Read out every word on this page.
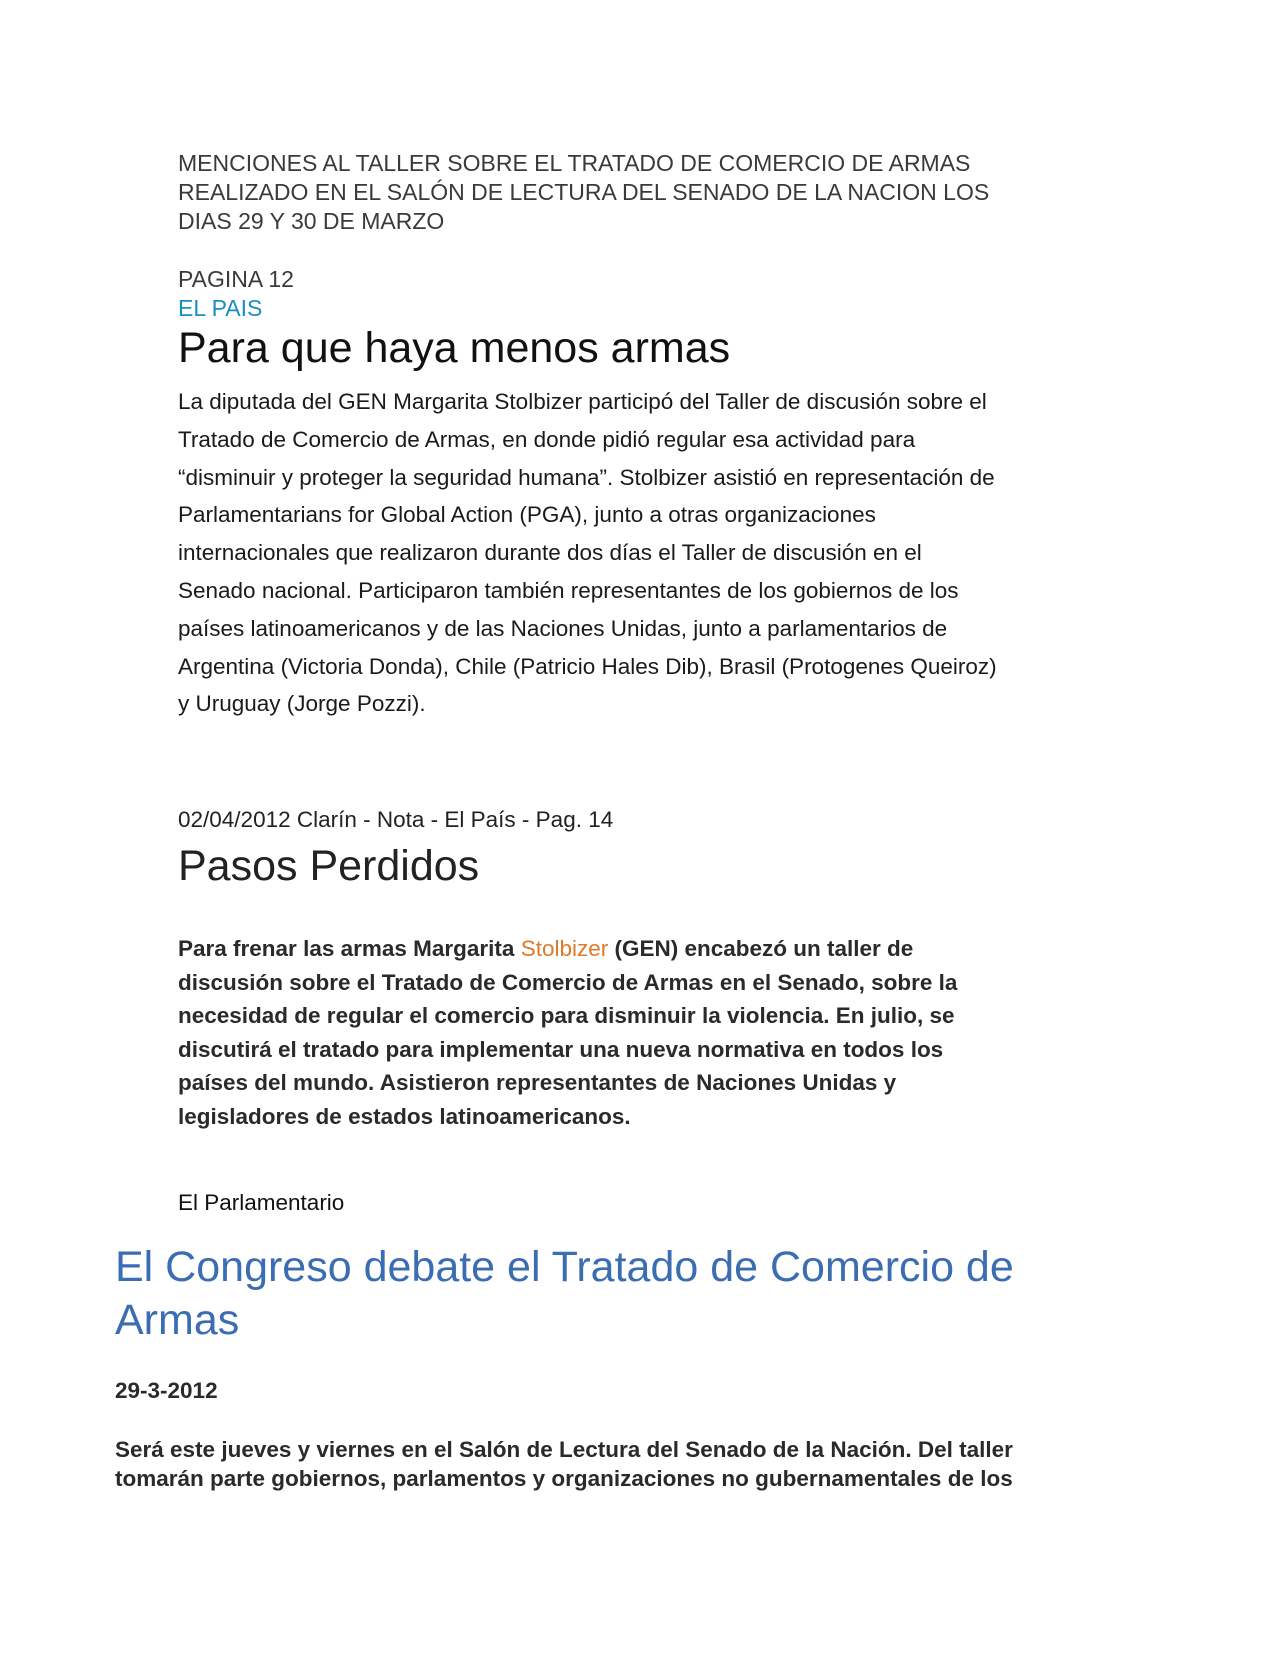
MENCIONES AL TALLER SOBRE EL TRATADO DE COMERCIO DE ARMAS
REALIZADO EN EL SALÓN DE LECTURA DEL SENADO DE LA NACION LOS
DIAS 29 Y 30 DE MARZO
PAGINA 12
EL PAIS
Para que haya menos armas
La diputada del GEN Margarita Stolbizer participó del Taller de discusión sobre el
Tratado de Comercio de Armas, en donde pidió regular esa actividad para
“disminuir y proteger la seguridad humana”. Stolbizer asistió en representación de
Parlamentarians for Global Action (PGA), junto a otras organizaciones
internacionales que realizaron durante dos días el Taller de discusión en el
Senado nacional. Participaron también representantes de los gobiernos de los
países latinoamericanos y de las Naciones Unidas, junto a parlamentarios de
Argentina (Victoria Donda), Chile (Patricio Hales Dib), Brasil (Protogenes Queiroz)
y Uruguay (Jorge Pozzi).
02/04/2012 Clarín - Nota - El País - Pag. 14
Pasos Perdidos
Para frenar las armas Margarita Stolbizer (GEN) encabezó un taller de
discusión sobre el Tratado de Comercio de Armas en el Senado, sobre la
necesidad de regular el comercio para disminuir la violencia. En julio, se
discutirá el tratado para implementar una nueva normativa en todos los
países del mundo. Asistieron representantes de Naciones Unidas y
legisladores de estados latinoamericanos.
El Parlamentario
El Congreso debate el Tratado de Comercio de
Armas
29-3-2012
Será este jueves y viernes en el Salón de Lectura del Senado de la Nación. Del taller
tomarán parte gobiernos, parlamentos y organizaciones no gubernamentales de los
